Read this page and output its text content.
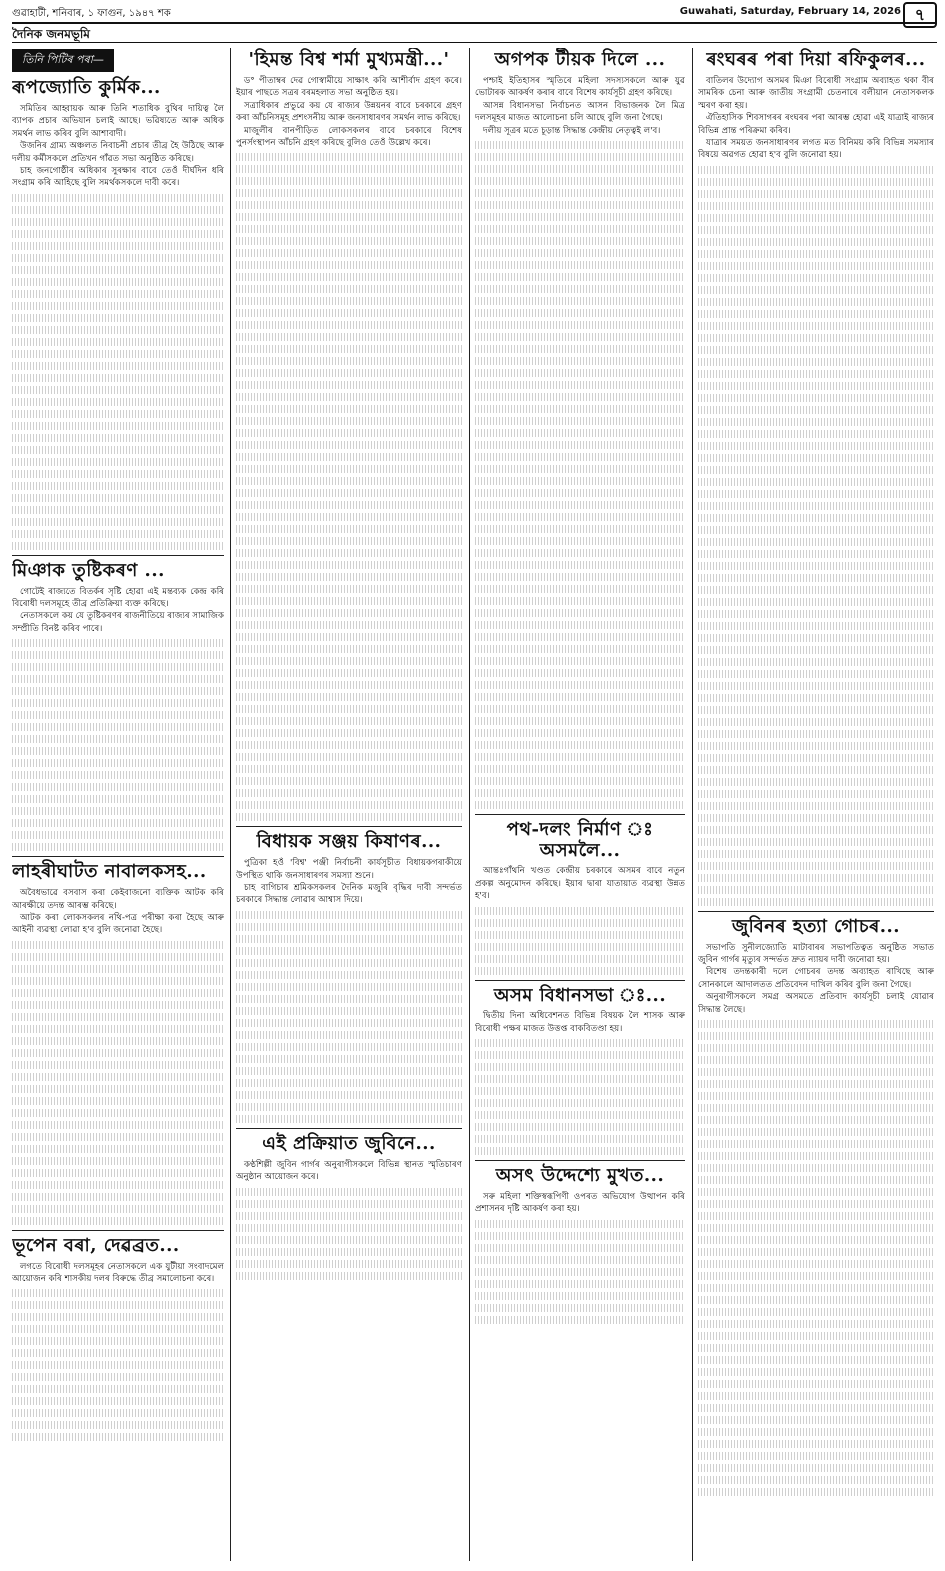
গুৱাহাটী, শনিবাৰ, ১ ফাগুন, ১৯৪৭ শক	Guwahati, Saturday, February 14, 2026 ৭
দৈনিক জনমভূমি
তিনি পিটিৰ পৰা—
ৰূপজ্যোতি কুৰ্মিক...

সমিতিৰ আহ্বায়ক আৰু তিনি শতাধিক বুথিৰ দায়িত্ব লৈ ব্যাপক প্ৰচাৰ অভিযান চলাই আছে। ভৱিষ্যতে আৰু অধিক সমৰ্থন লাভ কৰিব বুলি আশাবাদী।

উজনিৰ গ্ৰাম্য অঞ্চলত নিবাচনী প্ৰচাৰ তীব্ৰ হৈ উঠিছে আৰু দলীয় কৰ্মীসকলে প্ৰতিখন গাঁৱত সভা অনুষ্ঠিত কৰিছে।

চাহ জনগোষ্ঠীৰ অধিকাৰ সুৰক্ষাৰ বাবে তেওঁ দীৰ্ঘদিন ধৰি সংগ্ৰাম কৰি আহিছে বুলি সমৰ্থকসকলে দাবী কৰে।

মিঞাক তুষ্টিকৰণ ...

গোটেই ৰাজ্যতে বিতৰ্কৰ সৃষ্টি হোৱা এই মন্তব্যক কেন্দ্ৰ কৰি বিৰোধী দলসমূহে তীব্ৰ প্ৰতিক্ৰিয়া ব্যক্ত কৰিছে।

নেতাসকলে কয় যে তুষ্টিকৰণৰ ৰাজনীতিয়ে ৰাজ্যৰ সামাজিক সম্প্ৰীতি বিনষ্ট কৰিব পাৰে।

লাহৰীঘাটত নাবালকসহ...

অবৈধভাৱে বসবাস কৰা কেইবাজনো ব্যক্তিক আটক কৰি আৰক্ষীয়ে তদন্ত আৰম্ভ কৰিছে।

আটক কৰা লোকসকলৰ নথি-পত্ৰ পৰীক্ষা কৰা হৈছে আৰু আইনী ব্যৱস্থা লোৱা হ'ব বুলি জনোৱা হৈছে।

ভূপেন বৰা, দেৱব্ৰত...

লগতে বিৰোধী দলসমূহৰ নেতাসকলে এক যুটীয়া সংবাদমেল আয়োজন কৰি শাসকীয় দলৰ বিৰুদ্ধে তীব্ৰ সমালোচনা কৰে।

'হিমন্ত বিশ্ব শৰ্মা মুখ্যমন্ত্ৰী...'

ড° পীতাম্বৰ দেৱ গোস্বামীয়ে সাক্ষাৎ কৰি আশীৰ্বাদ গ্ৰহণ কৰে। ইয়াৰ পাছতে সত্ৰৰ বৰমহলাত সভা অনুষ্ঠিত হয়।

সত্ৰাধিকাৰ প্ৰভুৱে কয় যে ৰাজ্যৰ উন্নয়নৰ বাবে চৰকাৰে গ্ৰহণ কৰা আঁচনিসমূহ প্ৰশংসনীয় আৰু জনসাধাৰণৰ সমৰ্থন লাভ কৰিছে।

মাজুলীৰ বানপীড়িত লোকসকলৰ বাবে চৰকাৰে বিশেষ পুনৰ্সংস্থাপন আঁচনি গ্ৰহণ কৰিছে বুলিও তেওঁ উল্লেখ কৰে।

বিধায়ক সঞ্জয় কিষাণৰ...

পুত্ৰিকা হওঁ 'বিশ্ব' পঞ্জী নিৰ্বাচনী কাৰ্যসূচীত বিধায়কগৰাকীয়ে উপস্থিত থাকি জনসাধাৰণৰ সমস্যা শুনে।

চাহ বাগিচাৰ শ্ৰমিকসকলৰ দৈনিক মজুৰি বৃদ্ধিৰ দাবী সন্দৰ্ভত চৰকাৰে সিদ্ধান্ত লোৱাৰ আশ্বাস দিয়ে।

এই প্ৰক্ৰিয়াত জুবিনে...

কণ্ঠশিল্পী জুবিন গাৰ্গৰ অনুৰাগীসকলে বিভিন্ন স্থানত স্মৃতিচাৰণ অনুষ্ঠান আয়োজন কৰে।

অগপক টীয়ক দিলে ...

পশ্চাই ইতিহাসৰ স্মৃতিৰে মহিলা সদস্যসকলে আৰু যুৱ ভোটাৰক আকৰ্ষণ কৰাৰ বাবে বিশেষ কাৰ্যসূচী গ্ৰহণ কৰিছে।

আসন্ন বিধানসভা নিৰ্বাচনত আসন বিভাজনক লৈ মিত্ৰ দলসমূহৰ মাজত আলোচনা চলি আছে বুলি জনা গৈছে।

দলীয় সূত্ৰৰ মতে চূড়ান্ত সিদ্ধান্ত কেন্দ্ৰীয় নেতৃত্বই ল'ব।

পথ-দলং নিৰ্মাণ ঃ অসমলৈ...

আন্তঃগাঁথনি খণ্ডত কেন্দ্ৰীয় চৰকাৰে অসমৰ বাবে নতুন প্ৰকল্প অনুমোদন কৰিছে। ইয়াৰ দ্বাৰা যাতায়াত ব্যৱস্থা উন্নত হ'ব।

অসম বিধানসভা ঃ...

দ্বিতীয় দিনা অধিবেশনত বিভিন্ন বিষয়ক লৈ শাসক আৰু বিৰোধী পক্ষৰ মাজত উত্তপ্ত বাকবিতণ্ডা হয়।

অসৎ উদ্দেশ্যে মুখত...

সৰু মহিলা শক্তিস্বৰূপিণী ওপৰত অভিযোগ উত্থাপন কৰি প্ৰশাসনৰ দৃষ্টি আকৰ্ষণ কৰা হয়।

ৰংঘৰৰ পৰা দিয়া ৰফিকুলৰ...

বাতিলৰ উদ্যোগ অসমৰ মিঞা বিৰোধী সংগ্ৰাম অব্যাহত থকা বীৰ সামৰিক চেনা আৰু জাতীয় সংগ্ৰামী চেতনাৰে বলীয়ান নেতাসকলক স্মৰণ কৰা হয়।

ঐতিহাসিক শিবসাগৰৰ ৰংঘৰৰ পৰা আৰম্ভ হোৱা এই যাত্ৰাই ৰাজ্যৰ বিভিন্ন প্ৰান্ত পৰিক্ৰমা কৰিব।

যাত্ৰাৰ সময়ত জনসাধাৰণৰ লগত মত বিনিময় কৰি বিভিন্ন সমস্যাৰ বিষয়ে অৱগত হোৱা হ'ব বুলি জনোৱা হয়।

জুবিনৰ হত্যা গোচৰ...

সভাপতি সুনীলজ্যোতি মাটাবাৰৰ সভাপতিত্বত অনুষ্ঠিত সভাত জুবিন গাৰ্গৰ মৃত্যুৰ সন্দৰ্ভত দ্ৰুত ন্যায়ৰ দাবী জনোৱা হয়।

বিশেষ তদন্তকাৰী দলে গোচৰৰ তদন্ত অব্যাহত ৰাখিছে আৰু সোনকালে আদালতত প্ৰতিবেদন দাখিল কৰিব বুলি জনা গৈছে।

অনুৰাগীসকলে সমগ্ৰ অসমতে প্ৰতিবাদ কাৰ্যসূচী চলাই যোৱাৰ সিদ্ধান্ত লৈছে।
